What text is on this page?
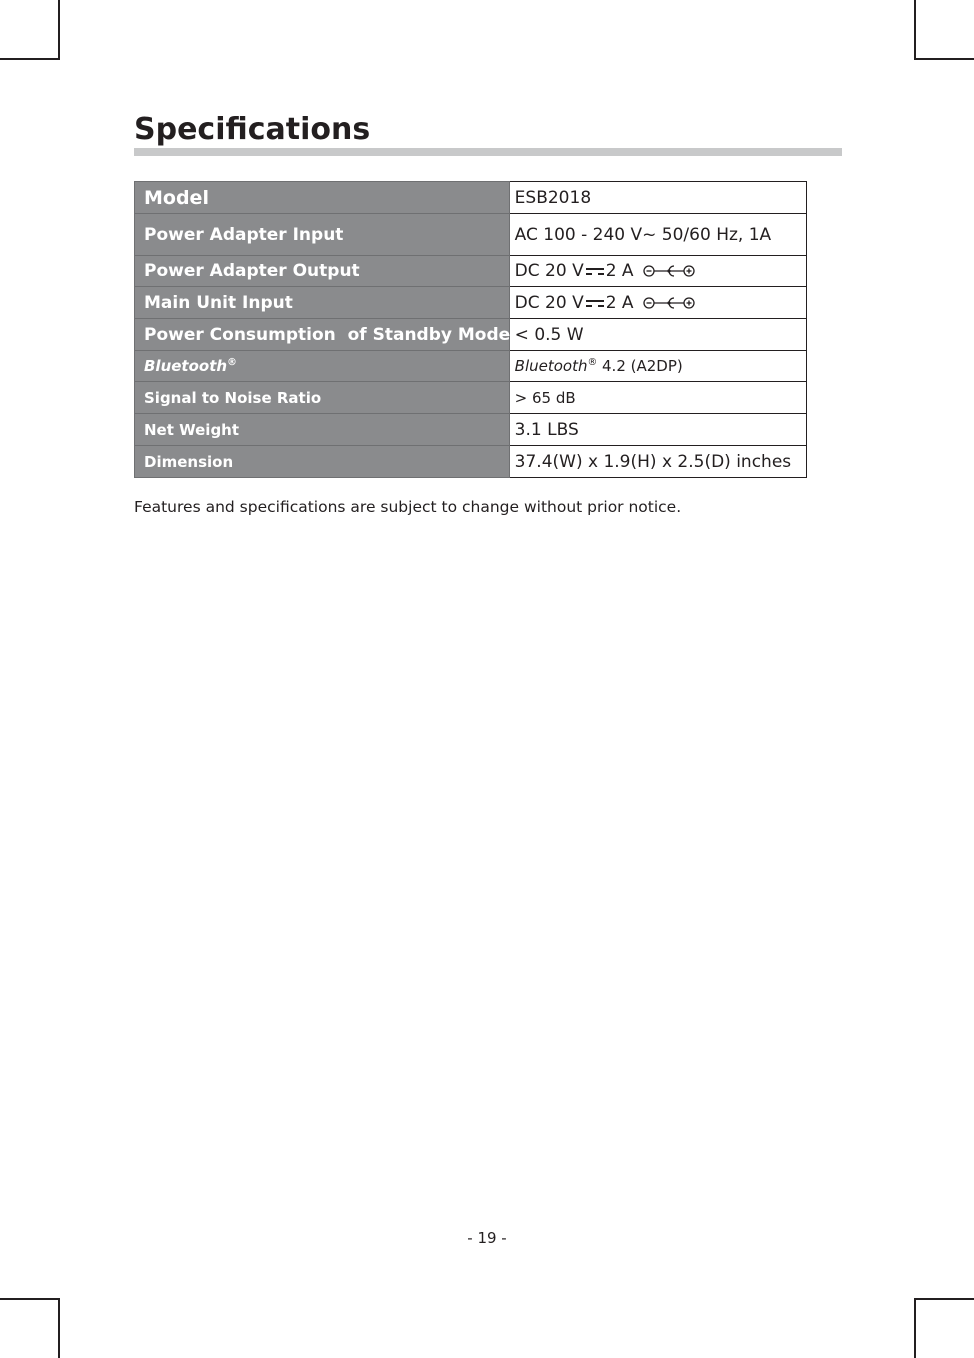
Specifications
Model	ESB2018
Power Adapter Input	AC 100 - 240 V~ 50/60 Hz, 1A
Power Adapter Output	DC 20 V 2 A
Main Unit Input	DC 20 V 2 A
Power Consumption  of Standby Mode	< 0.5 W
Bluetooth®	Bluetooth® 4.2 (A2DP)
Signal to Noise Ratio	> 65 dB
Net Weight	3.1 LBS
Dimension	37.4(W) x 1.9(H) x 2.5(D) inches

Features and specifications are subject to change without prior notice.

- 19 -
